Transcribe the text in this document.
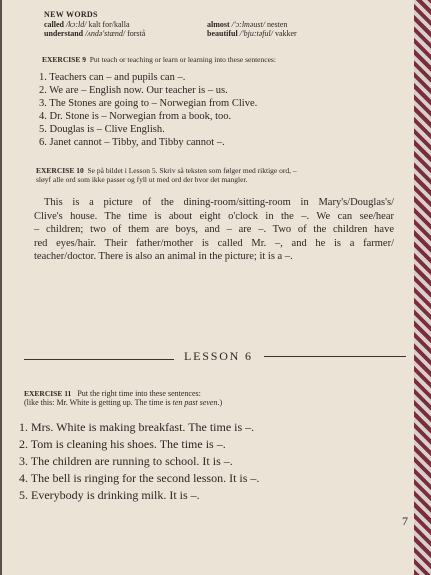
NEW WORDS
called /kɔ:ld/ kalt for/kalla	almost /'ɔ:lməust/ nesten
understand /ʌndə'stænd/ forstå	beautiful /'bju:təful/ vakker
EXERCISE 9 Put teach or teaching or learn or learning into these sentences:
1. Teachers can – and pupils can –.
2. We are – English now. Our teacher is – us.
3. The Stones are going to – Norwegian from Clive.
4. Dr. Stone is – Norwegian from a book, too.
5. Douglas is – Clive English.
6. Janet cannot – Tibby, and Tibby cannot –.
EXERCISE 10 Se på bildet i Lesson 5. Skriv så teksten som følger med riktige ord, –
sløyf alle ord som ikke passer og fyll ut med ord der hvor det mangler.
This is a picture of the dining-room/sitting-room in Mary's/Douglas's/
Clive's house. The time is about eight o'clock in the –. We can see/hear
– children; two of them are boys, and – are –. Two of the children have
red eyes/hair. Their father/mother is called Mr. –, and he is a farmer/
teacher/doctor. There is also an animal in the picture; it is a –.
LESSON 6
EXERCISE 11 Put the right time into these sentences:
(like this: Mr. White is getting up. The time is ten past seven.)
1. Mrs. White is making breakfast. The time is –.
2. Tom is cleaning his shoes. The time is –.
3. The children are running to school. It is –.
4. The bell is ringing for the second lesson. It is –.
5. Everybody is drinking milk. It is –.
7
